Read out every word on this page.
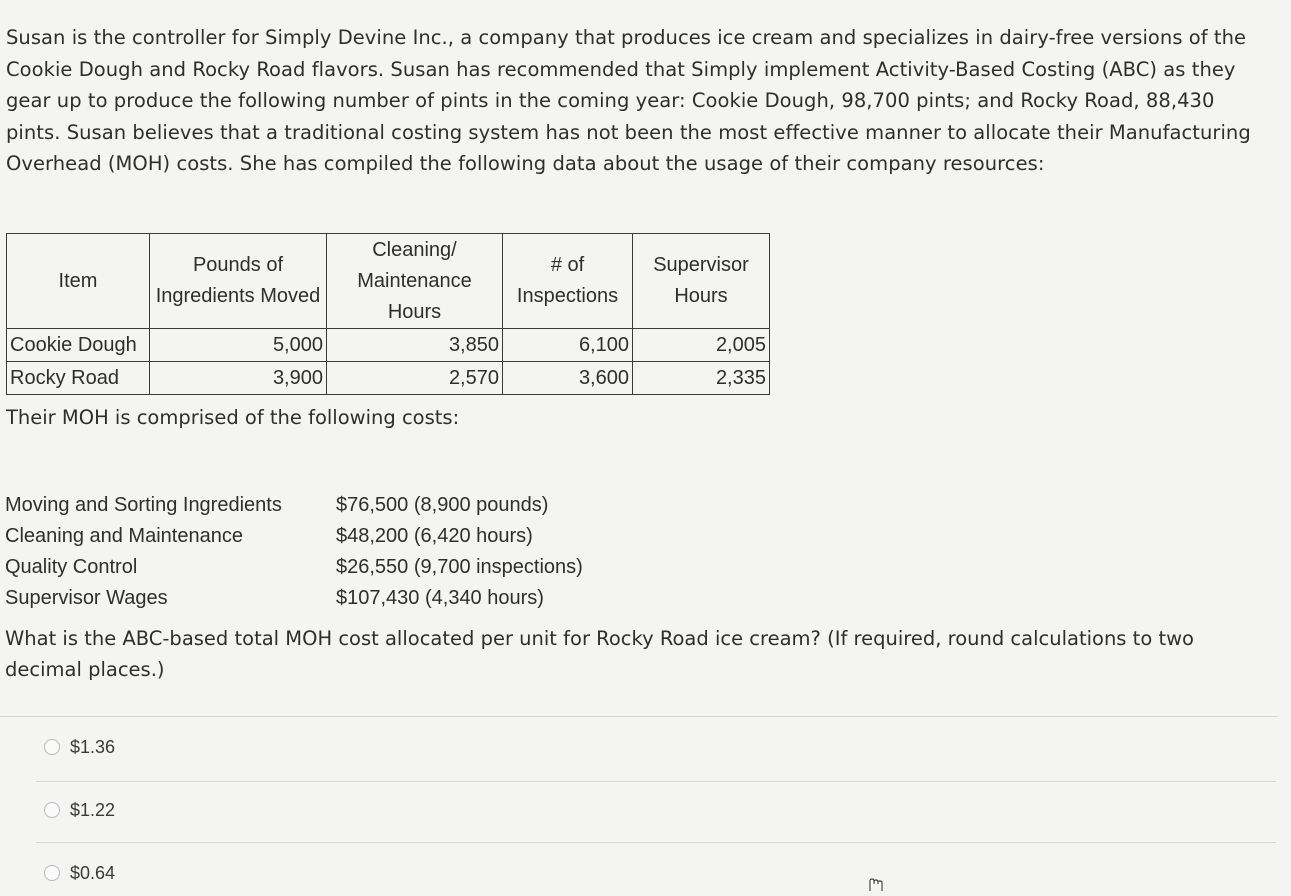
Susan is the controller for Simply Devine Inc., a company that produces ice cream and specializes in dairy-free versions of the Cookie Dough and Rocky Road flavors. Susan has recommended that Simply implement Activity-Based Costing (ABC) as they gear up to produce the following number of pints in the coming year: Cookie Dough, 98,700 pints; and Rocky Road, 88,430 pints. Susan believes that a traditional costing system has not been the most effective manner to allocate their Manufacturing Overhead (MOH) costs. She has compiled the following data about the usage of their company resources:
Item	Pounds of Ingredients Moved	Cleaning/ Maintenance Hours	# of Inspections	Supervisor Hours
Cookie Dough	5,000	3,850	6,100	2,005
Rocky Road	3,900	2,570	3,600	2,335
Their MOH is comprised of the following costs:
Moving and Sorting Ingredients	$76,500 (8,900 pounds)
Cleaning and Maintenance	$48,200 (6,420 hours)
Quality Control	$26,550 (9,700 inspections)
Supervisor Wages	$107,430 (4,340 hours)
What is the ABC-based total MOH cost allocated per unit for Rocky Road ice cream? (If required, round calculations to two decimal places.)
$1.36
$1.22
$0.64
